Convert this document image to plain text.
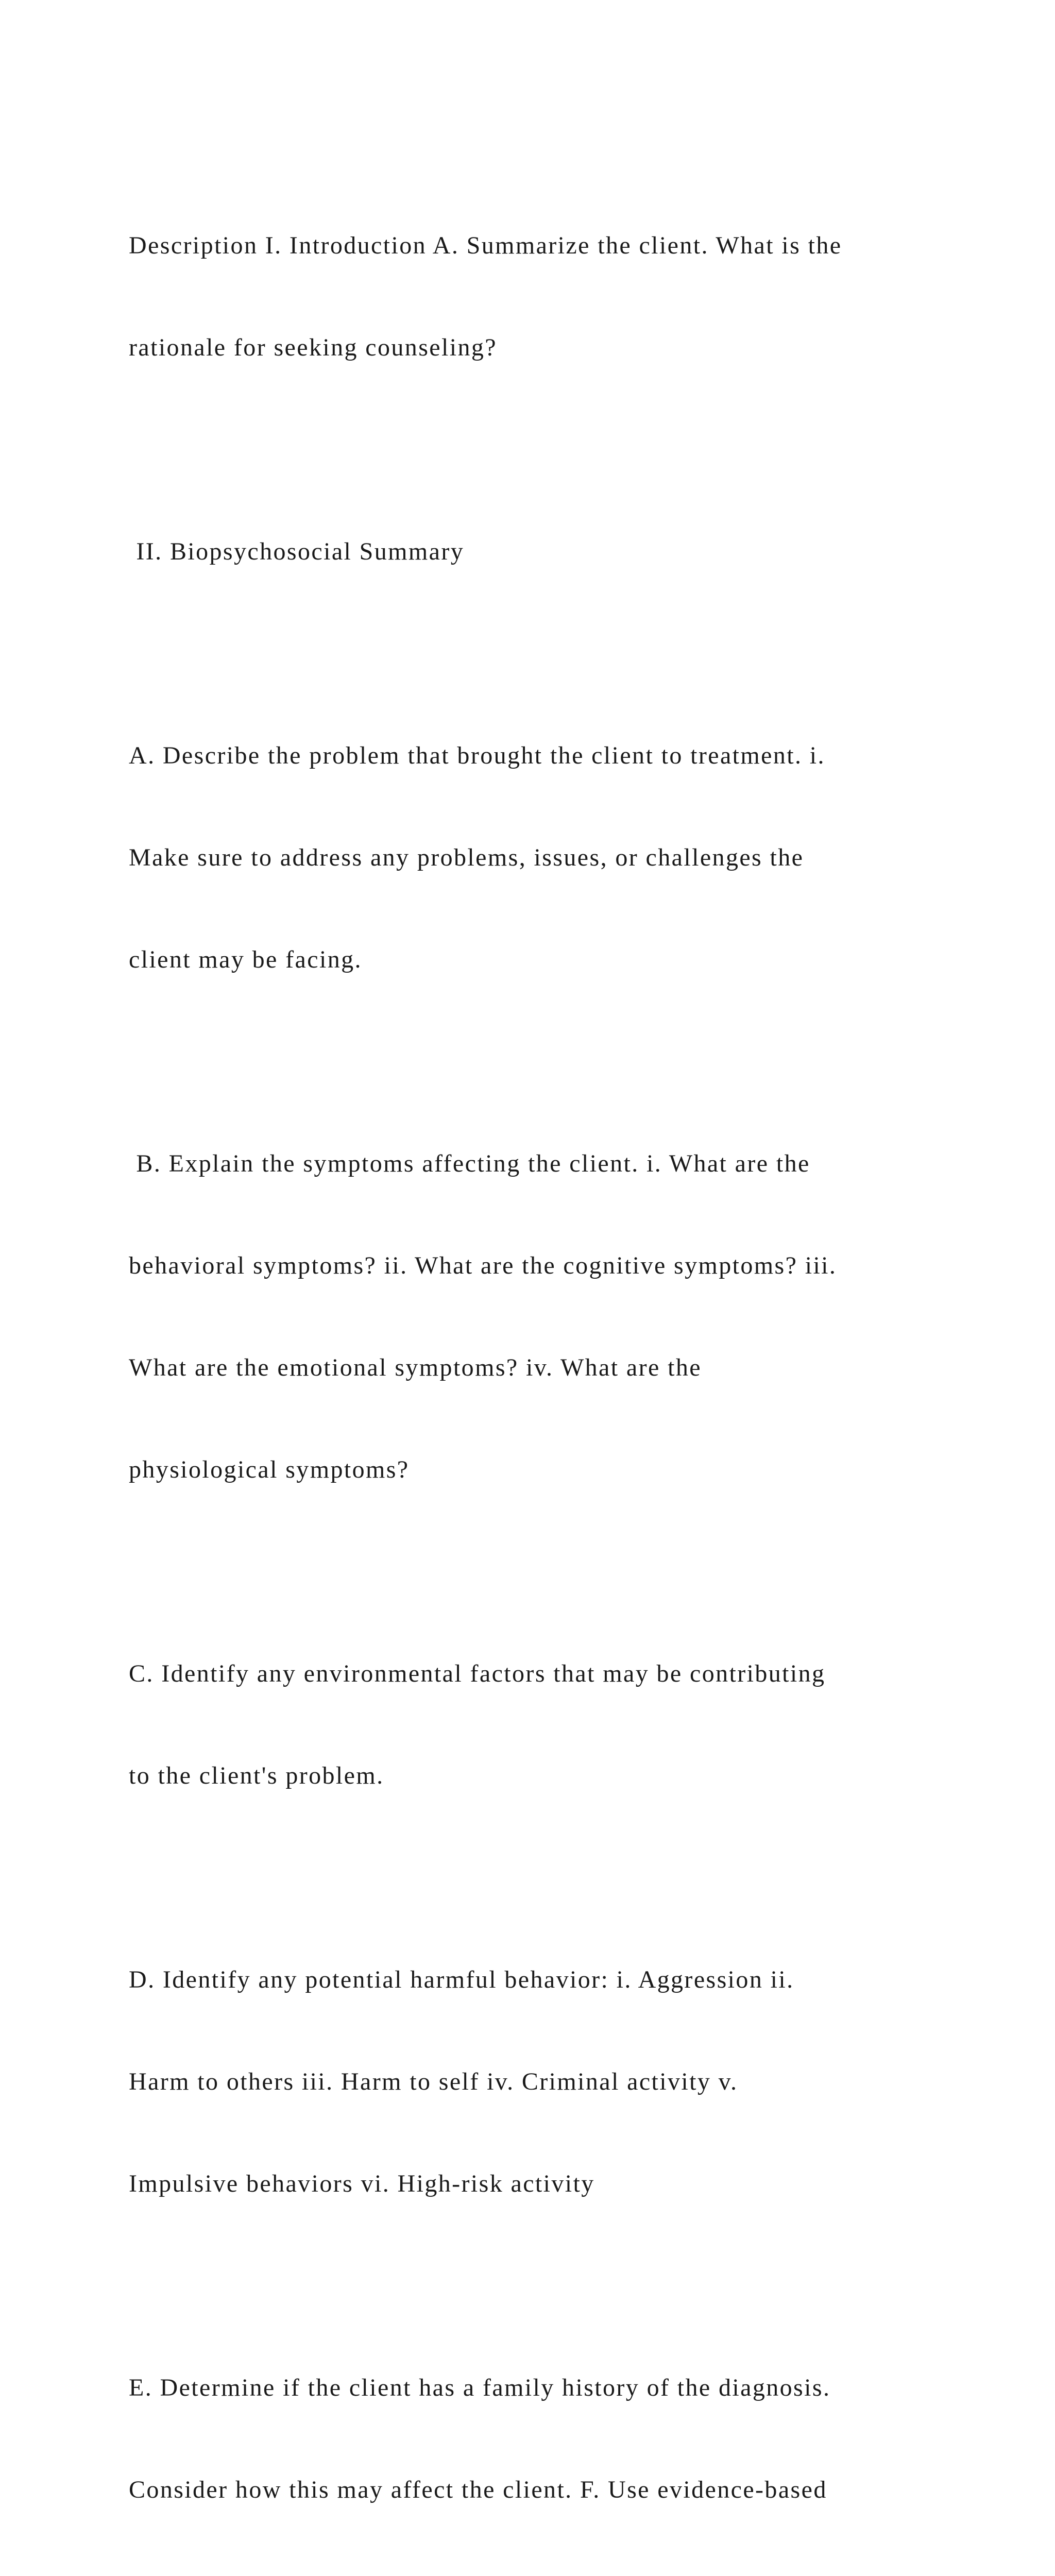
Description I. Introduction A. Summarize the client. What is the

rationale for seeking counseling?

II. Biopsychosocial Summary

A. Describe the problem that brought the client to treatment. i.

Make sure to address any problems, issues, or challenges the

client may be facing.

B. Explain the symptoms affecting the client. i. What are the

behavioral symptoms? ii. What are the cognitive symptoms? iii.

What are the emotional symptoms? iv. What are the

physiological symptoms?

C. Identify any environmental factors that may be contributing

to the client's problem.

D. Identify any potential harmful behavior: i. Aggression ii.

Harm to others iii. Harm to self iv. Criminal activity v.

Impulsive behaviors vi. High-risk activity

E. Determine if the client has a family history of the diagnosis.

Consider how this may affect the client. F. Use evidence-based
